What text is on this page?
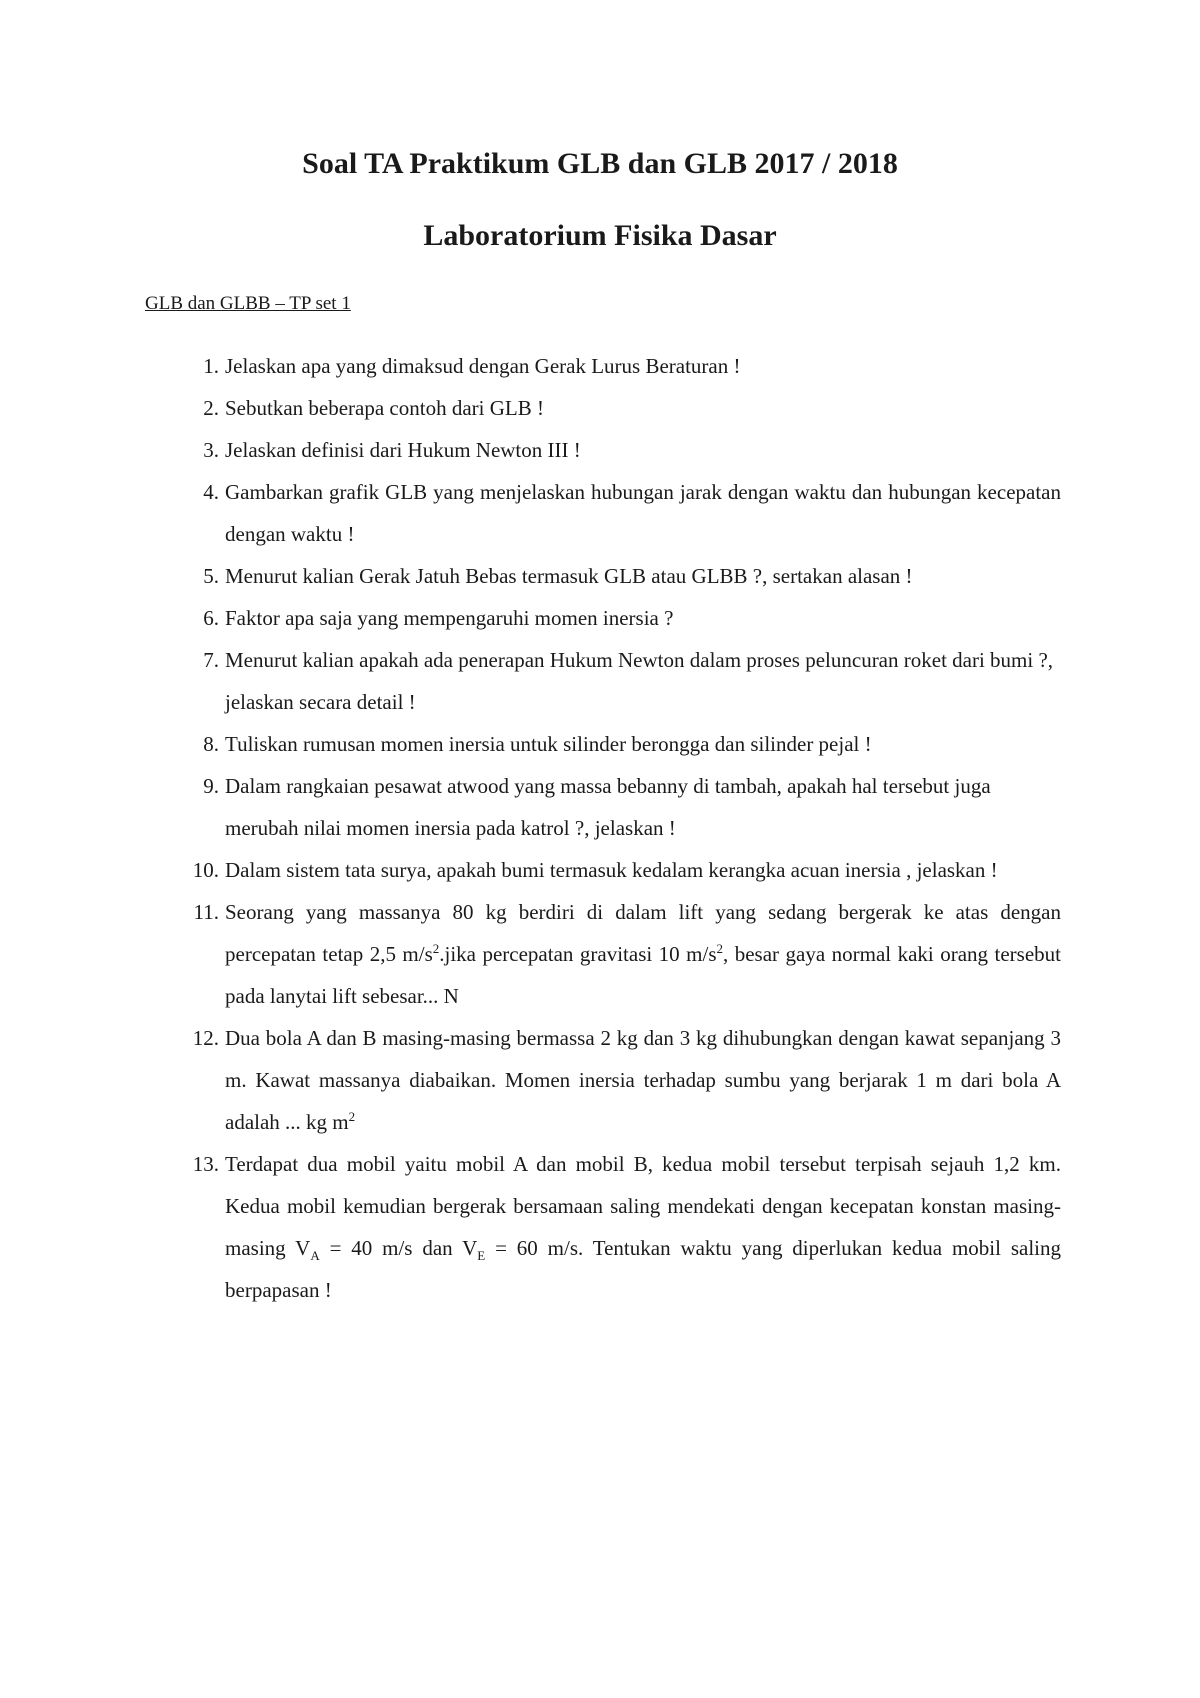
Soal TA Praktikum GLB dan GLB 2017 / 2018
Laboratorium Fisika Dasar

GLB dan GLBB – TP set 1

1. Jelaskan apa yang dimaksud dengan Gerak Lurus Beraturan !
2. Sebutkan beberapa contoh dari GLB !
3. Jelaskan definisi dari Hukum Newton III !
4. Gambarkan grafik GLB yang menjelaskan hubungan jarak dengan waktu dan hubungan kecepatan dengan waktu !
5. Menurut kalian Gerak Jatuh Bebas termasuk GLB atau GLBB ?, sertakan alasan !
6. Faktor apa saja yang mempengaruhi momen inersia ?
7. Menurut kalian apakah ada penerapan Hukum Newton dalam proses peluncuran roket dari bumi ?, jelaskan secara detail !
8. Tuliskan rumusan momen inersia untuk silinder berongga dan silinder pejal !
9. Dalam rangkaian pesawat atwood yang massa bebanny di tambah, apakah hal tersebut juga merubah nilai momen inersia pada katrol ?, jelaskan !
10. Dalam sistem tata surya, apakah bumi termasuk kedalam kerangka acuan inersia , jelaskan !
11. Seorang yang massanya 80 kg berdiri di dalam lift yang sedang bergerak ke atas dengan percepatan tetap 2,5 $m/s^2.jika$ percepatan gravitasi 10 $m/s^2$, besar gaya normal kaki orang tersebut pada lanytai lift sebesar... N
12. Dua bola A dan B masing-masing bermassa 2 kg dan 3 kg dihubungkan dengan kawat sepanjang 3 m. Kawat massanya diabaikan. Momen inersia terhadap sumbu yang berjarak 1 m dari bola A adalah ... kg $m^2$
13. Terdapat dua mobil yaitu mobil A dan mobil B, kedua mobil tersebut terpisah sejauh 1,2 km. Kedua mobil kemudian bergerak bersamaan saling mendekati dengan kecepatan konstan masing-masing $V_A = 40$ m/s dan $V_E = 60$ m/s. Tentukan waktu yang diperlukan kedua mobil saling berpapasan !
